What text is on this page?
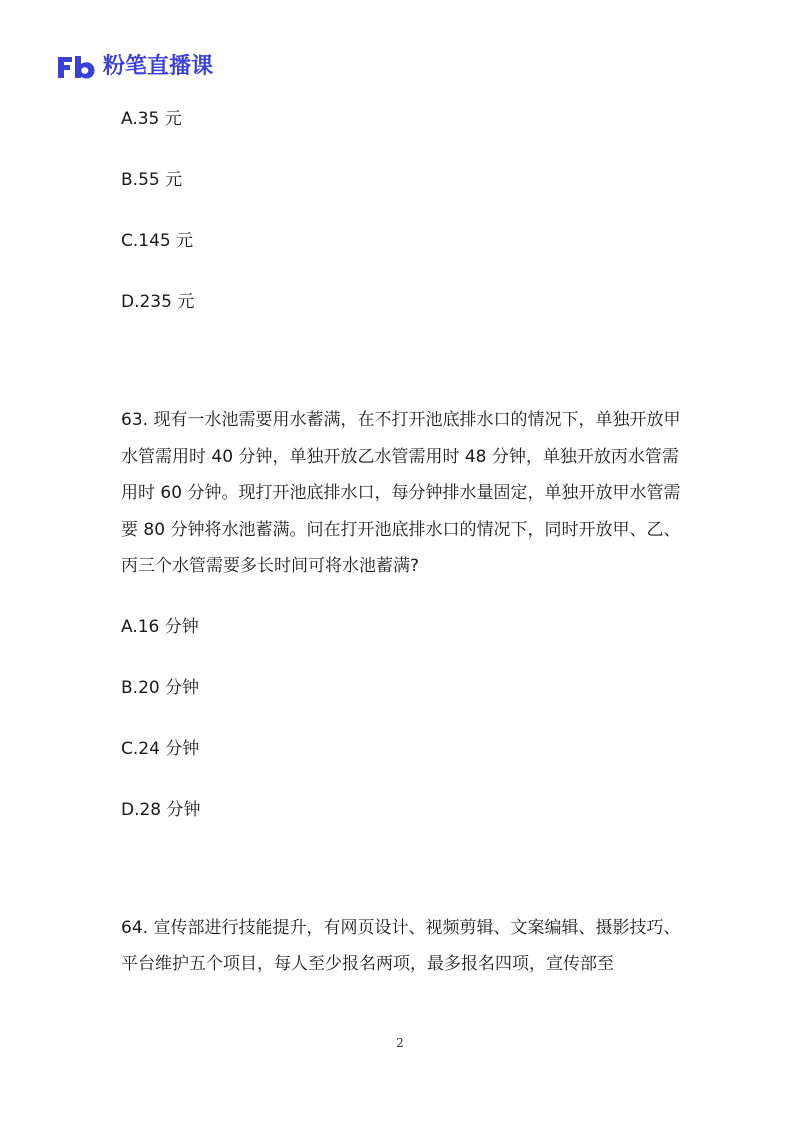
粉笔直播课
A.35 元
B.55 元
C.145 元
D.235 元

63. 现有一水池需要用水蓄满，在不打开池底排水口的情况下，单独开放甲水管需用时 40 分钟，单独开放乙水管需用时 48 分钟，单独开放丙水管需用时 60 分钟。现打开池底排水口，每分钟排水量固定，单独开放甲水管需要 80 分钟将水池蓄满。问在打开池底排水口的情况下，同时开放甲、乙、丙三个水管需要多长时间可将水池蓄满?

A.16 分钟
B.20 分钟
C.24 分钟
D.28 分钟

64. 宣传部进行技能提升，有网页设计、视频剪辑、文案编辑、摄影技巧、平台维护五个项目，每人至少报名两项，最多报名四项，宣传部至

2
